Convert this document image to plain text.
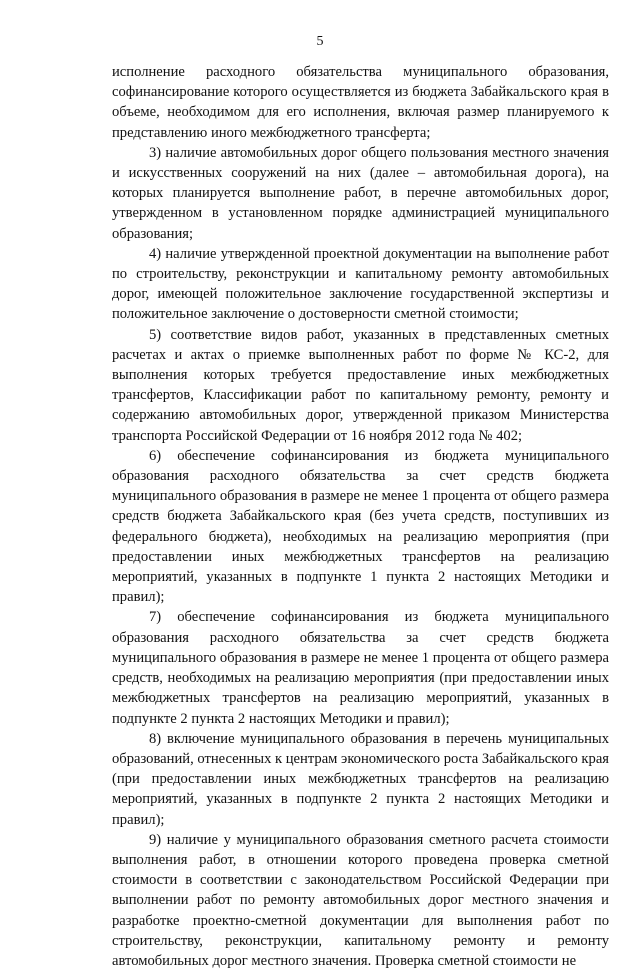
5

исполнение расходного обязательства муниципального образования, софинансирование которого осуществляется из бюджета Забайкальского края в объеме, необходимом для его исполнения, включая размер планируемого к представлению иного межбюджетного трансферта;

3) наличие автомобильных дорог общего пользования местного значения и искусственных сооружений на них (далее – автомобильная дорога), на которых планируется выполнение работ, в перечне автомобильных дорог, утвержденном в установленном порядке администрацией муниципального образования;

4) наличие утвержденной проектной документации на выполнение работ по строительству, реконструкции и капитальному ремонту автомобильных дорог, имеющей положительное заключение государственной экспертизы и положительное заключение о достоверности сметной стоимости;

5) соответствие видов работ, указанных в представленных сметных расчетах и актах о приемке выполненных работ по форме № КС-2, для выполнения которых требуется предоставление иных межбюджетных трансфертов, Классификации работ по капитальному ремонту, ремонту и содержанию автомобильных дорог, утвержденной приказом Министерства транспорта Российской Федерации от 16 ноября 2012 года № 402;

6) обеспечение софинансирования из бюджета муниципального образования расходного обязательства за счет средств бюджета муниципального образования в размере не менее 1 процента от общего размера средств бюджета Забайкальского края (без учета средств, поступивших из федерального бюджета), необходимых на реализацию мероприятия (при предоставлении иных межбюджетных трансфертов на реализацию мероприятий, указанных в подпункте 1 пункта 2 настоящих Методики и правил);

7) обеспечение софинансирования из бюджета муниципального образования расходного обязательства за счет средств бюджета муниципального образования в размере не менее 1 процента от общего размера средств, необходимых на реализацию мероприятия (при предоставлении иных межбюджетных трансфертов на реализацию мероприятий, указанных в подпункте 2 пункта 2 настоящих Методики и правил);

8) включение муниципального образования в перечень муниципальных образований, отнесенных к центрам экономического роста Забайкальского края (при предоставлении иных межбюджетных трансфертов на реализацию мероприятий, указанных в подпункте 2 пункта 2 настоящих Методики и правил);

9) наличие у муниципального образования сметного расчета стоимости выполнения работ, в отношении которого проведена проверка сметной стоимости в соответствии с законодательством Российской Федерации при выполнении работ по ремонту автомобильных дорог местного значения и разработке проектно-сметной документации для выполнения работ по строительству, реконструкции, капитальному ремонту и ремонту автомобильных дорог местного значения. Проверка сметной стоимости не
